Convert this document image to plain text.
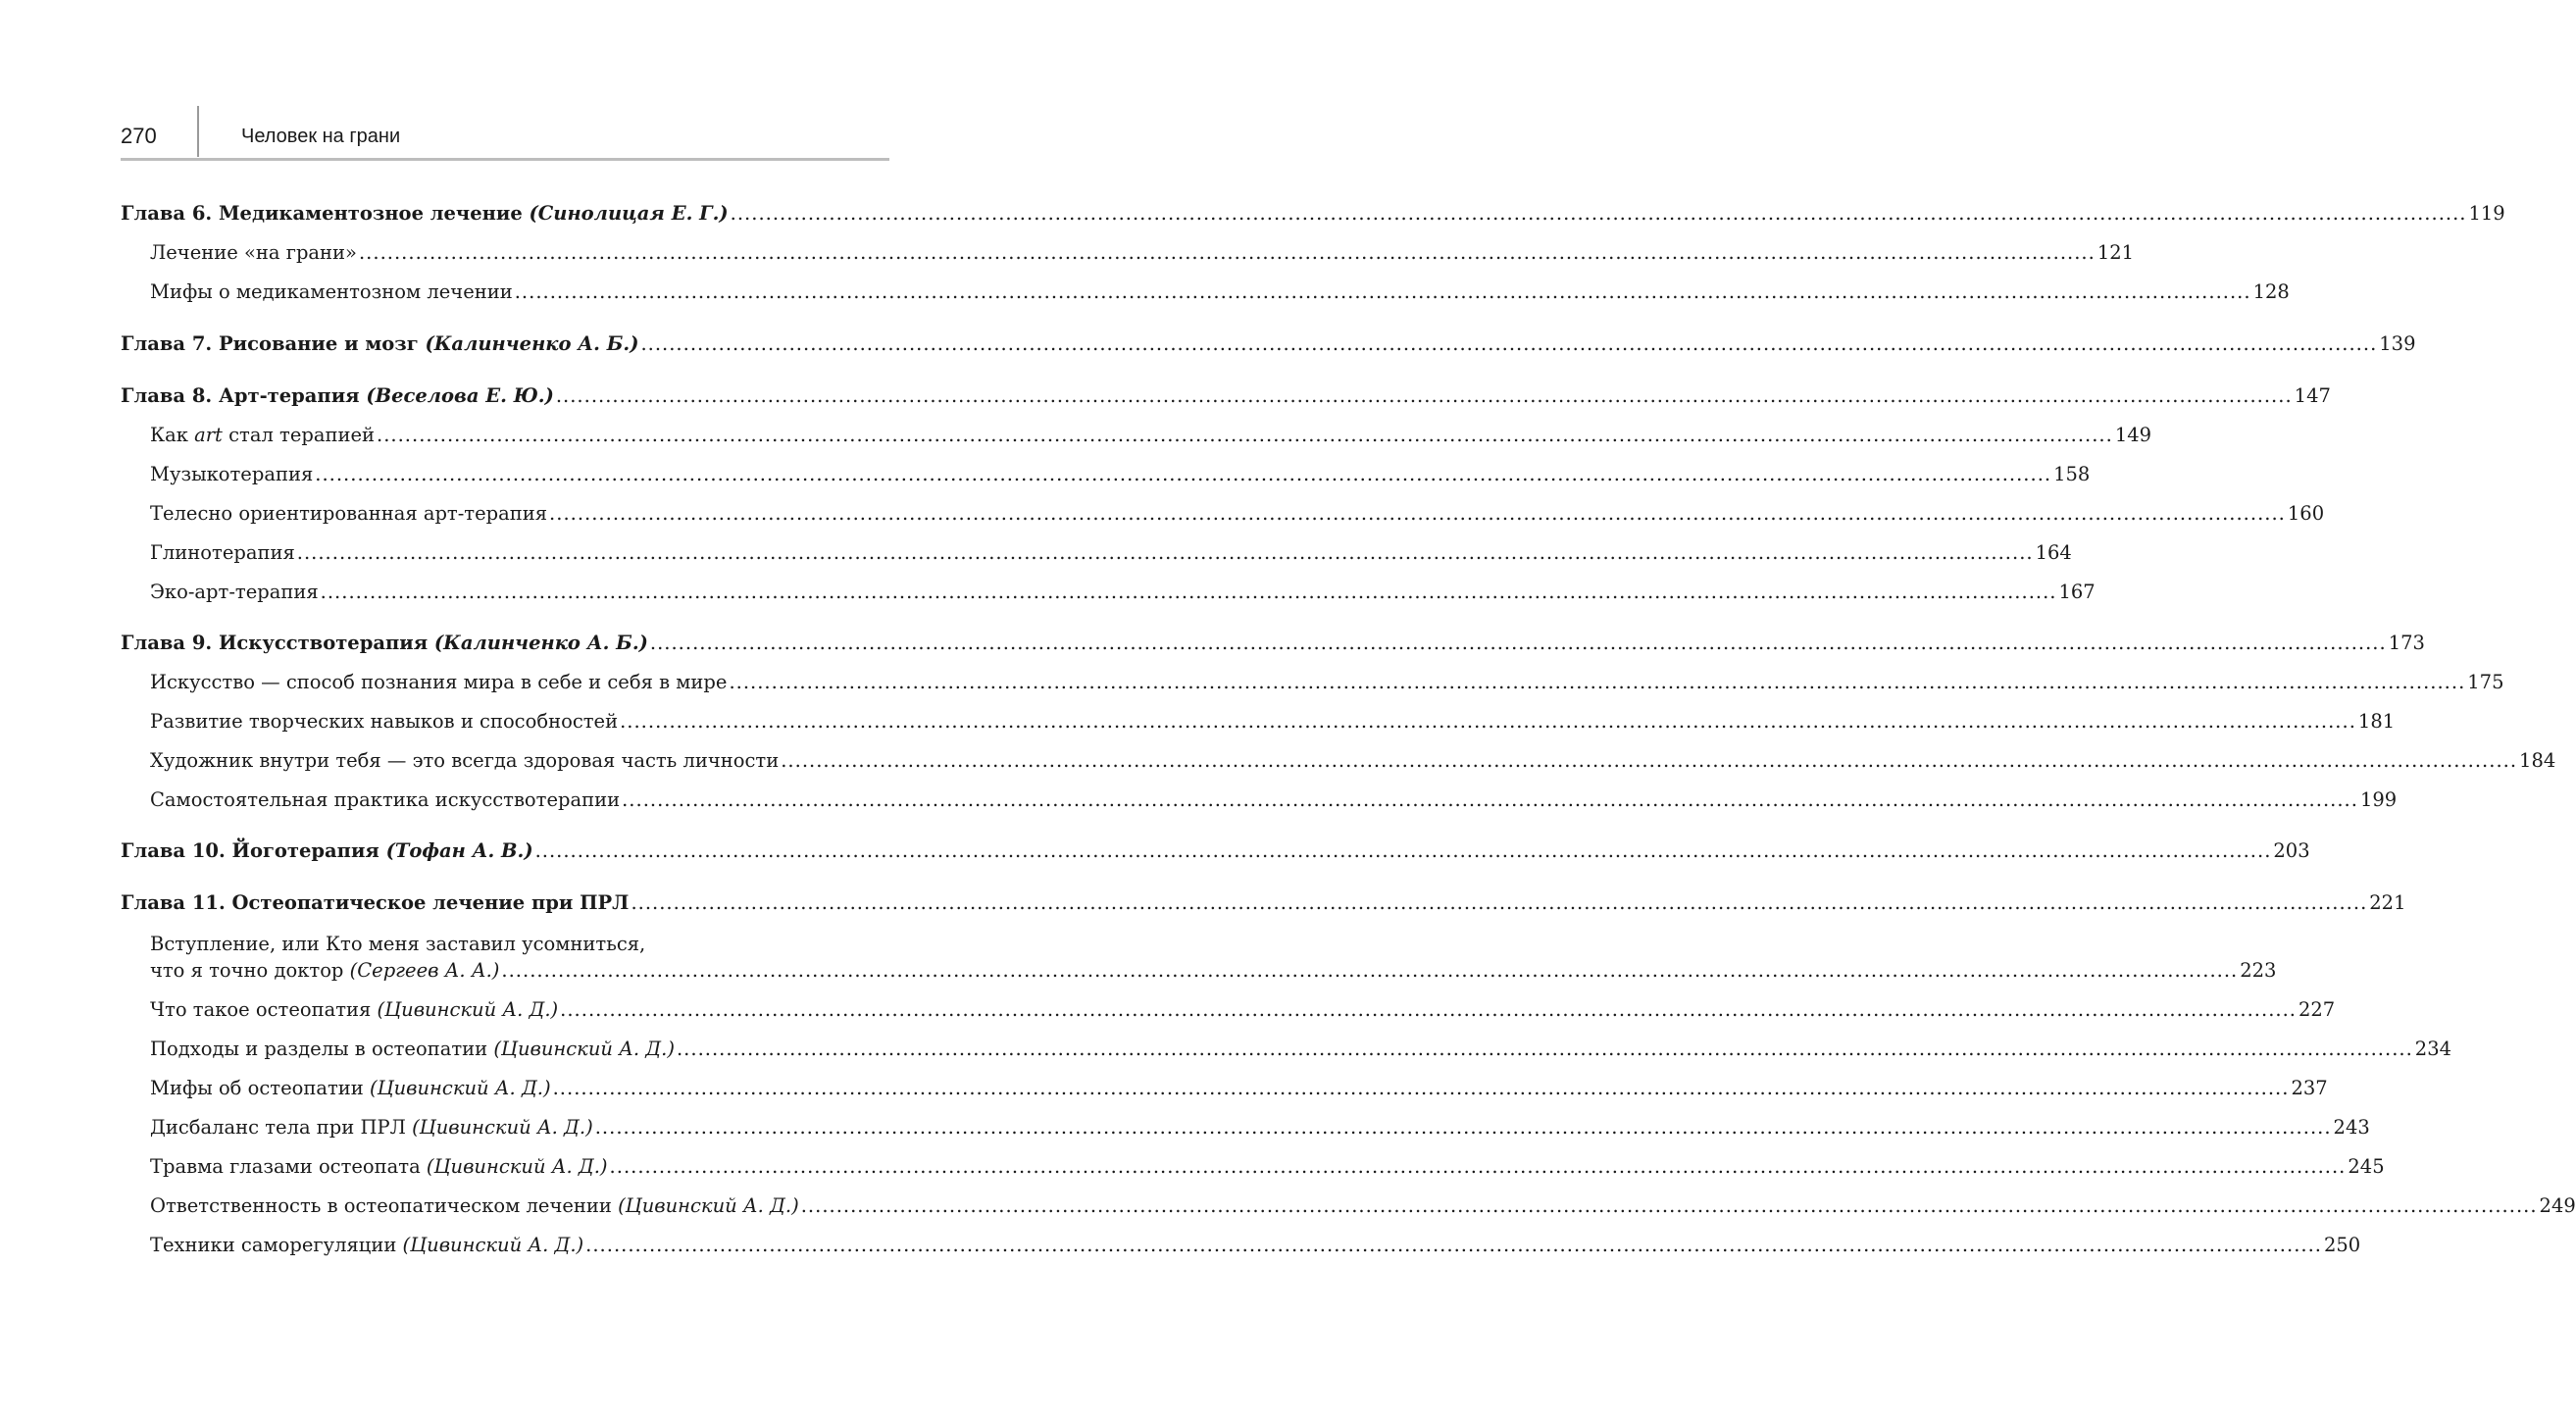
270	Человек на грани
Глава 6. Медикаментозное лечение (Синолицая Е. Г.) .....	119
Лечение «на грани» .....	121
Мифы о медикаментозном лечении .....	128
Глава 7. Рисование и мозг (Калинченко А. Б.) .....	139
Глава 8. Арт-терапия (Веселова Е. Ю.) .....	147
Как art стал терапией .....	149
Музыкотерапия .....	158
Телесно ориентированная арт-терапия .....	160
Глинотерапия .....	164
Эко-арт-терапия .....	167
Глава 9. Искусствотерапия (Калинченко А. Б.) .....	173
Искусство — способ познания мира в себе и себя в мире .....	175
Развитие творческих навыков и способностей .....	181
Художник внутри тебя — это всегда здоровая часть личности .....	184
Самостоятельная практика искусствотерапии .....	199
Глава 10. Йоготерапия (Тофан А. В.) .....	203
Глава 11. Остеопатическое лечение при ПРЛ .....	221
Вступление, или Кто меня заставил усомниться,
что я точно доктор (Сергеев А. А.) .....	223
Что такое остеопатия (Цивинский А. Д.) .....	227
Подходы и разделы в остеопатии (Цивинский А. Д.) .....	234
Мифы об остеопатии (Цивинский А. Д.) .....	237
Дисбаланс тела при ПРЛ (Цивинский А. Д.) .....	243
Травма глазами остеопата (Цивинский А. Д.) .....	245
Ответственность в остеопатическом лечении (Цивинский А. Д.) .....	249
Техники саморегуляции (Цивинский А. Д.) .....	250
